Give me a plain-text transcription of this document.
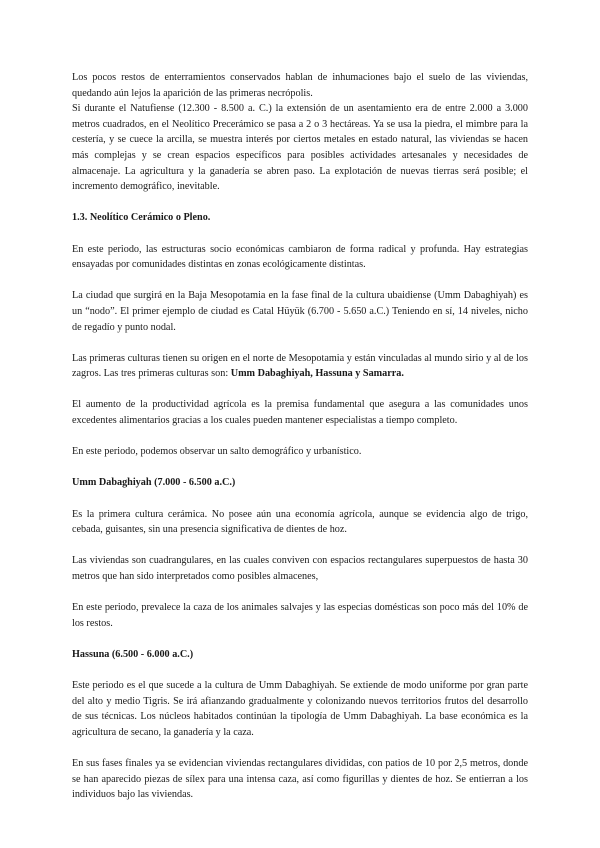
Los pocos restos de enterramientos conservados hablan de inhumaciones bajo el suelo de las viviendas, quedando aún lejos la aparición de las primeras necrópolis.

Si durante el Natufiense (12.300 - 8.500 a. C.) la extensión de un asentamiento era de entre 2.000 a 3.000 metros cuadrados, en el Neolítico Precerámico se pasa a 2 o 3 hectáreas. Ya se usa la piedra, el mimbre para la cestería, y se cuece la arcilla, se muestra interés por ciertos metales en estado natural, las viviendas se hacen más complejas y se crean espacios específicos para posibles actividades artesanales y necesidades de almacenaje. La agricultura y la ganadería se abren paso. La explotación de nuevas tierras será posible; el incremento demográfico, inevitable.

1.3. Neolítico Cerámico o Pleno.

En este periodo, las estructuras socio económicas cambiaron de forma radical y profunda. Hay estrategias ensayadas por comunidades distintas en zonas ecológicamente distintas.

La ciudad que surgirá en la Baja Mesopotamia en la fase final de la cultura ubaidiense (Umm Dabaghiyah) es un “nodo”. El primer ejemplo de ciudad es Catal Hüyük (6.700 - 5.650 a.C.) Teniendo en sí, 14 niveles, nicho de regadío y punto nodal.

Las primeras culturas tienen su origen en el norte de Mesopotamia y están vinculadas al mundo sirio y al de los zagros. Las tres primeras culturas son: Umm Dabaghiyah, Hassuna y Samarra.

El aumento de la productividad agrícola es la premisa fundamental que asegura a las comunidades unos excedentes alimentarios gracias a los cuales pueden mantener especialistas a tiempo completo.

En este periodo, podemos observar un salto demográfico y urbanístico.

Umm Dabaghiyah (7.000 - 6.500 a.C.)

Es la primera cultura cerámica. No posee aún una economía agrícola, aunque se evidencia algo de trigo, cebada, guisantes, sin una presencia significativa de dientes de hoz.

Las viviendas son cuadrangulares, en las cuales conviven con espacios rectangulares superpuestos de hasta 30 metros que han sido interpretados como posibles almacenes,

En este periodo, prevalece la caza de los animales salvajes y las especias domésticas son poco más del 10% de los restos.

Hassuna (6.500 - 6.000 a.C.)

Este periodo es el que sucede a la cultura de Umm Dabaghiyah. Se extiende de modo uniforme por gran parte del alto y medio Tigris. Se irá afianzando gradualmente y colonizando nuevos territorios frutos del desarrollo de sus técnicas. Los núcleos habitados continúan la tipología de Umm Dabaghiyah. La base económica es la agricultura de secano, la ganadería y la caza.

En sus fases finales ya se evidencian viviendas rectangulares divididas, con patios de 10 por 2,5 metros, donde se han aparecido piezas de sílex para una intensa caza, así como figurillas y dientes de hoz. Se entierran a los individuos bajo las viviendas.
